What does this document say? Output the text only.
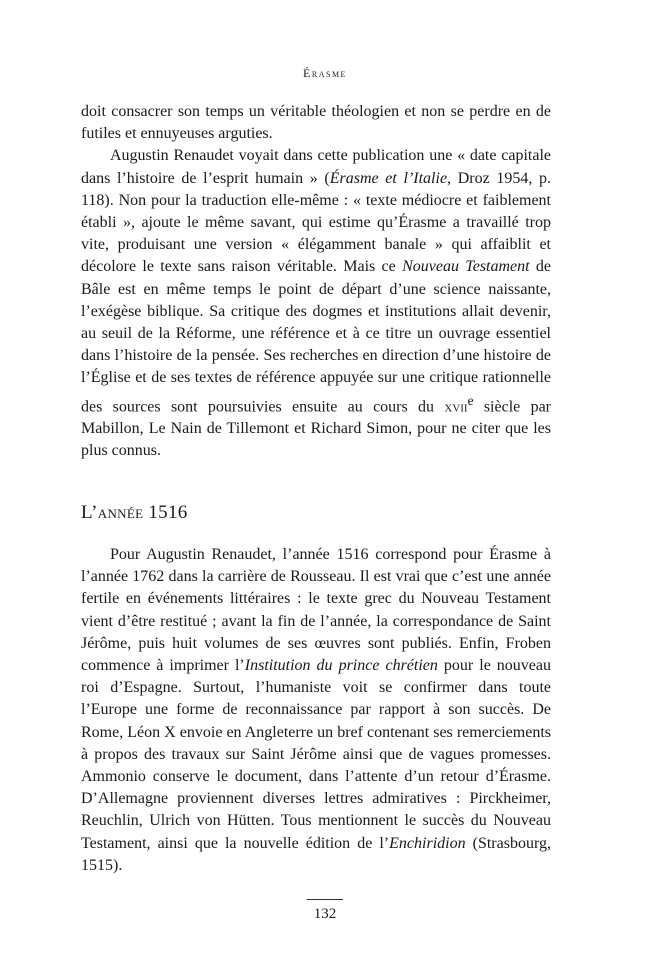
Érasme

doit consacrer son temps un véritable théologien et non se perdre en de futiles et ennuyeuses arguties.

Augustin Renaudet voyait dans cette publication une « date capitale dans l’histoire de l’esprit humain » (Érasme et l’Italie, Droz 1954, p. 118). Non pour la traduction elle-même : « texte médiocre et faiblement établi », ajoute le même savant, qui estime qu’Érasme a travaillé trop vite, produisant une version « élégamment banale » qui affaiblit et décolore le texte sans raison véritable. Mais ce Nouveau Testament de Bâle est en même temps le point de départ d’une science naissante, l’exégèse biblique. Sa critique des dogmes et institutions allait devenir, au seuil de la Réforme, une référence et à ce titre un ouvrage essentiel dans l’histoire de la pensée. Ses recherches en direction d’une histoire de l’Église et de ses textes de référence appuyée sur une critique rationnelle des sources sont poursuivies ensuite au cours du xvii$^e$ siècle par Mabillon, Le Nain de Tillemont et Richard Simon, pour ne citer que les plus connus.

L’année 1516

Pour Augustin Renaudet, l’année 1516 correspond pour Érasme à l’année 1762 dans la carrière de Rousseau. Il est vrai que c’est une année fertile en événements littéraires : le texte grec du Nouveau Testament vient d’être restitué ; avant la fin de l’année, la correspondance de Saint Jérôme, puis huit volumes de ses œuvres sont publiés. Enfin, Froben commence à imprimer l’Institution du prince chrétien pour le nouveau roi d’Espagne. Surtout, l’humaniste voit se confirmer dans toute l’Europe une forme de reconnaissance par rapport à son succès. De Rome, Léon X envoie en Angleterre un bref contenant ses remerciements à propos des travaux sur Saint Jérôme ainsi que de vagues promesses. Ammonio conserve le document, dans l’attente d’un retour d’Érasme. D’Allemagne proviennent diverses lettres admiratives : Pirckheimer, Reuchlin, Ulrich von Hütten. Tous mentionnent le succès du Nouveau Testament, ainsi que la nouvelle édition de l’Enchiridion (Strasbourg, 1515).

132
